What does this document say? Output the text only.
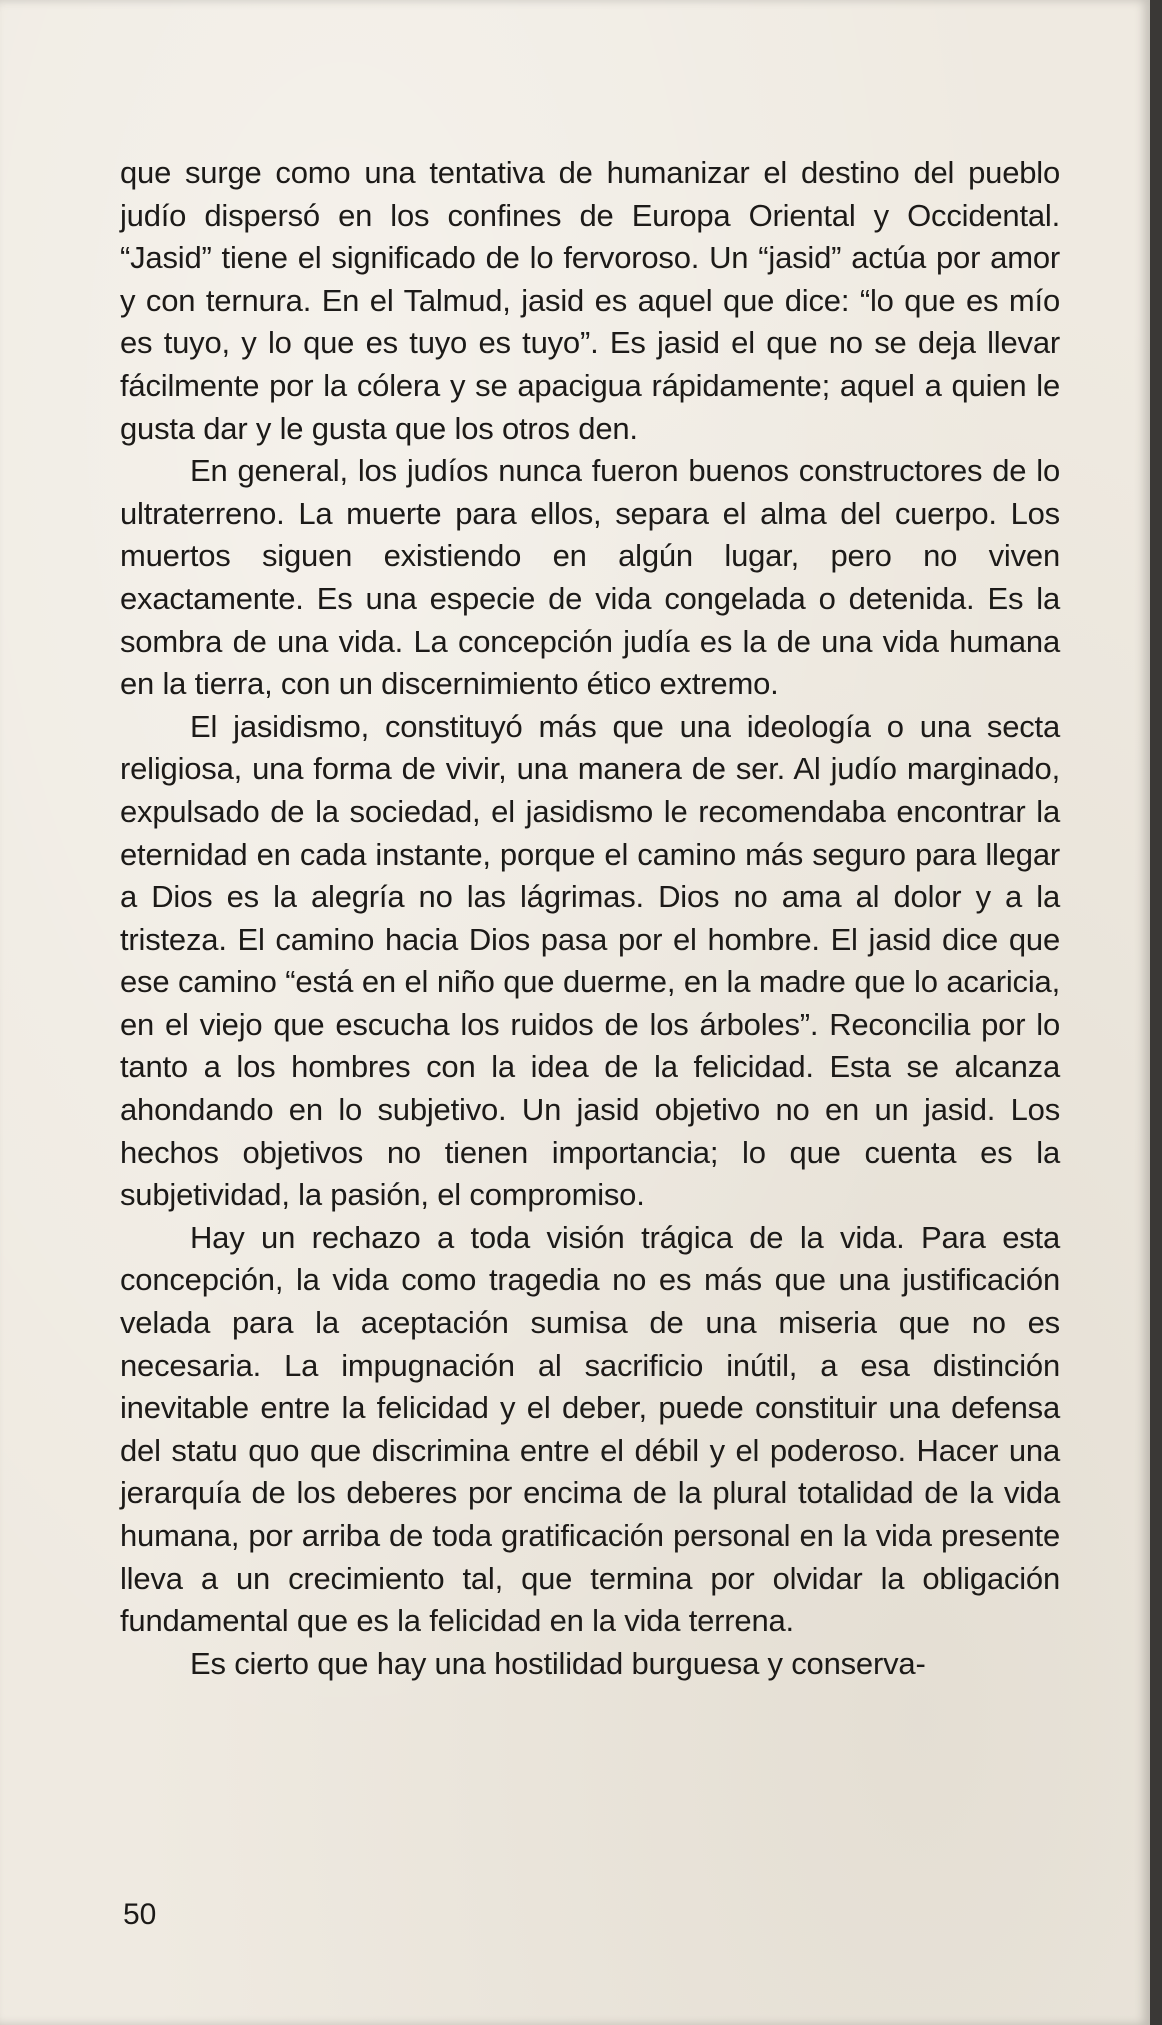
que surge como una tentativa de humanizar el destino del pueblo judío dispersó en los confines de Europa Oriental y Occidental. “Jasid” tiene el significado de lo fervoroso. Un “jasid” actúa por amor y con ternura. En el Talmud, jasid es aquel que dice: “lo que es mío es tuyo, y lo que es tuyo es tuyo”. Es jasid el que no se deja llevar fácilmente por la cólera y se apacigua rápidamente; aquel a quien le gusta dar y le gusta que los otros den.

En general, los judíos nunca fueron buenos constructores de lo ultraterreno. La muerte para ellos, separa el alma del cuerpo. Los muertos siguen existiendo en algún lugar, pero no viven exactamente. Es una especie de vida congelada o detenida. Es la sombra de una vida. La concepción judía es la de una vida humana en la tierra, con un discernimiento ético extremo.

El jasidismo, constituyó más que una ideología o una secta religiosa, una forma de vivir, una manera de ser. Al judío marginado, expulsado de la sociedad, el jasidismo le recomendaba encontrar la eternidad en cada instante, porque el camino más seguro para llegar a Dios es la alegría no las lágrimas. Dios no ama al dolor y a la tristeza. El camino hacia Dios pasa por el hombre. El jasid dice que ese camino “está en el niño que duerme, en la madre que lo acaricia, en el viejo que escucha los ruidos de los árboles”. Reconcilia por lo tanto a los hombres con la idea de la felicidad. Esta se alcanza ahondando en lo subjetivo. Un jasid objetivo no en un jasid. Los hechos objetivos no tienen importancia; lo que cuenta es la subjetividad, la pasión, el compromiso.

Hay un rechazo a toda visión trágica de la vida. Para esta concepción, la vida como tragedia no es más que una justificación velada para la aceptación sumisa de una miseria que no es necesaria. La impugnación al sacrificio inútil, a esa distinción inevitable entre la felicidad y el deber, puede constituir una defensa del statu quo que discrimina entre el débil y el poderoso. Hacer una jerarquía de los deberes por encima de la plural totalidad de la vida humana, por arriba de toda gratificación personal en la vida presente lleva a un crecimiento tal, que termina por olvidar la obligación fundamental que es la felicidad en la vida terrena.

Es cierto que hay una hostilidad burguesa y conserva-

50
